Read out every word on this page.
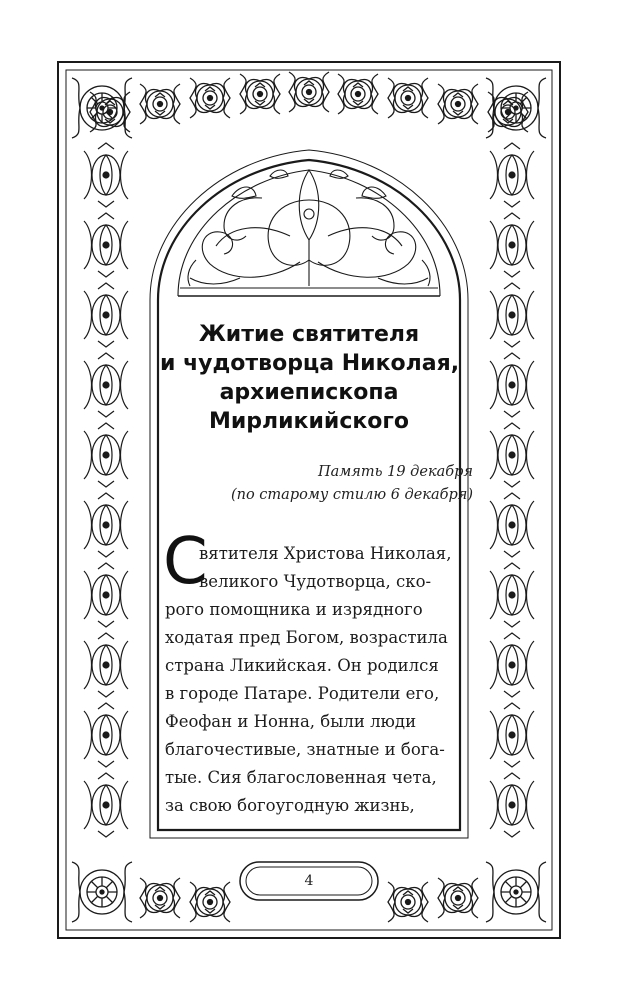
Житие святителя
и чудотворца Николая,
архиепископа
Мирликийского
Память 19 декабря
(по старому стилю 6 декабря)
С
вятителя Христова Николая,
великого Чудотворца, ско-
рого помощника и изрядного
ходатая пред Богом, возрастила
страна Ликийская. Он родился
в городе Патаре. Родители его,
Феофан и Нонна, были люди
благочестивые, знатные и бога-
тые. Сия благословенная чета,
за свою богоугодную жизнь,
4
